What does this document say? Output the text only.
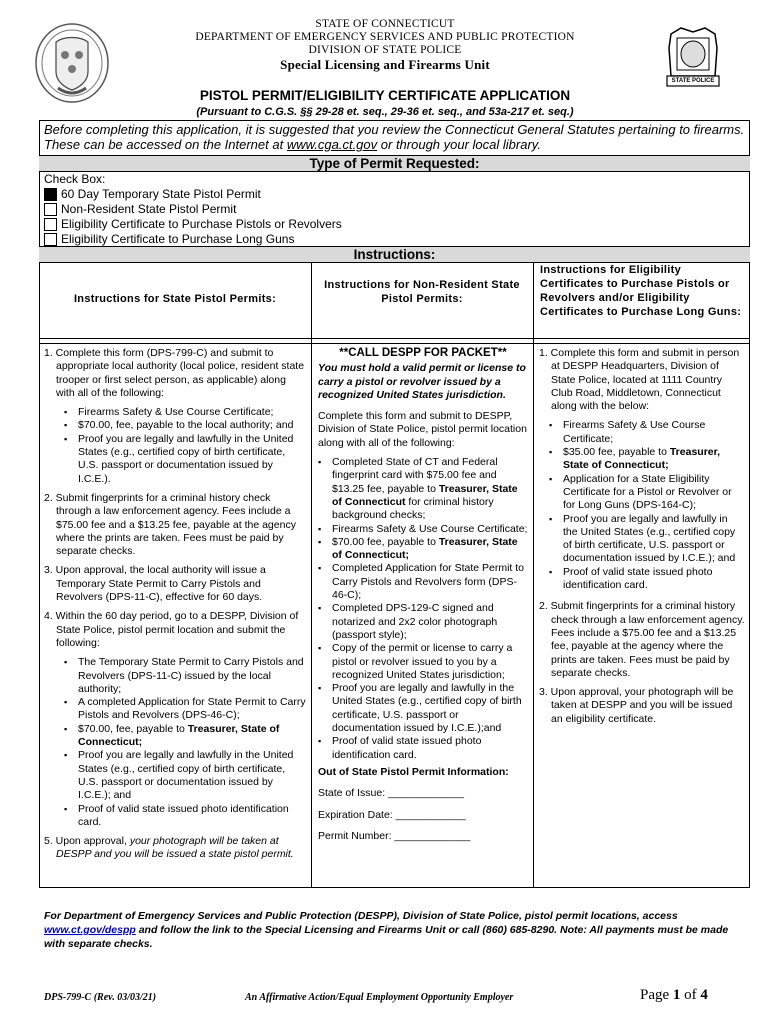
STATE OF CONNECTICUT
DEPARTMENT OF EMERGENCY SERVICES AND PUBLIC PROTECTION
DIVISION OF STATE POLICE
Special Licensing and Firearms Unit
STATE POLICE
PISTOL PERMIT/ELIGIBILITY CERTIFICATE APPLICATION
(Pursuant to C.G.S. §§ 29-28 et. seq., 29-36 et. seq., and 53a-217 et. seq.)
Before completing this application, it is suggested that you review the Connecticut General Statutes pertaining to firearms. These can be accessed on the Internet at www.cga.ct.gov or through your local library.
Type of Permit Requested:
Check Box:
60 Day Temporary State Pistol Permit
Non-Resident State Pistol Permit
Eligibility Certificate to Purchase Pistols or Revolvers
Eligibility Certificate to Purchase Long Guns
Instructions:
Instructions for State Pistol Permits:
Instructions for Non-Resident State Pistol Permits:
Instructions for Eligibility Certificates to Purchase Pistols or Revolvers and/or Eligibility Certificates to Purchase Long Guns:

1. Complete this form (DPS-799-C) and submit to appropriate local authority (local police, resident state trooper or first select person, as applicable) along with all of the following:

▪ Firearms Safety & Use Course Certificate;
▪ $70.00, fee, payable to the local authority; and
▪ Proof you are legally and lawfully in the United States (e.g., certified copy of birth certificate, U.S. passport or documentation issued by I.C.E.).

2. Submit fingerprints for a criminal history check through a law enforcement agency. Fees include a $75.00 fee and a $13.25 fee, payable at the agency where the prints are taken. Fees must be paid by separate checks.

3. Upon approval, the local authority will issue a Temporary State Permit to Carry Pistols and Revolvers (DPS-11-C), effective for 60 days.

4. Within the 60 day period, go to a DESPP, Division of State Police, pistol permit location and submit the following:

▪ The Temporary State Permit to Carry Pistols and Revolvers (DPS-11-C) issued by the local authority;
▪ A completed Application for State Permit to Carry Pistols and Revolvers (DPS-46-C);
▪ $70.00, fee, payable to Treasurer, State of Connecticut;
▪ Proof you are legally and lawfully in the United States (e.g., certified copy of birth certificate, U.S. passport or documentation issued by I.C.E.); and
▪ Proof of valid state issued photo identification card.

5. Upon approval, your photograph will be taken at DESPP and you will be issued a state pistol permit.

**CALL DESPP FOR PACKET**

You must hold a valid permit or license to carry a pistol or revolver issued by a recognized United States jurisdiction.

Complete this form and submit to DESPP, Division of State Police, pistol permit location along with all of the following:

▪ Completed State of CT and Federal fingerprint card with $75.00 fee and $13.25 fee, payable to Treasurer, State of Connecticut for criminal history background checks;
▪ Firearms Safety & Use Course Certificate;
▪ $70.00 fee, payable to Treasurer, State of Connecticut;
▪ Completed Application for State Permit to Carry Pistols and Revolvers form (DPS-46-C);
▪ Completed DPS-129-C signed and notarized and 2x2 color photograph (passport style);
▪ Copy of the permit or license to carry a pistol or revolver issued to you by a recognized United States jurisdiction;
▪ Proof you are legally and lawfully in the United States (e.g., certified copy of birth certificate, U.S. passport or documentation issued by I.C.E.);and
▪ Proof of valid state issued photo identification card.

Out of State Pistol Permit Information:

State of Issue: _____________

Expiration Date: ____________

Permit Number: _____________

1. Complete this form and submit in person at DESPP Headquarters, Division of State Police, located at 1111 Country Club Road, Middletown, Connecticut along with the below:

▪ Firearms Safety & Use Course Certificate;
▪ $35.00 fee, payable to Treasurer, State of Connecticut;
▪ Application for a State Eligibility Certificate for a Pistol or Revolver or for Long Guns (DPS-164-C);
▪ Proof you are legally and lawfully in the United States (e.g., certified copy of birth certificate, U.S. passport or documentation issued by I.C.E.); and
▪ Proof of valid state issued photo identification card.

2. Submit fingerprints for a criminal history check through a law enforcement agency. Fees include a $75.00 fee and a $13.25 fee, payable at the agency where the prints are taken. Fees must be paid by separate checks.

3. Upon approval, your photograph will be taken at DESPP and you will be issued an eligibility certificate.

For Department of Emergency Services and Public Protection (DESPP), Division of State Police, pistol permit locations, access www.ct.gov/despp and follow the link to the Special Licensing and Firearms Unit or call (860) 685-8290. Note: All payments must be made with separate checks.
DPS-799-C (Rev. 03/03/21)	An Affirmative Action/Equal Employment Opportunity Employer	Page 1 of 4
